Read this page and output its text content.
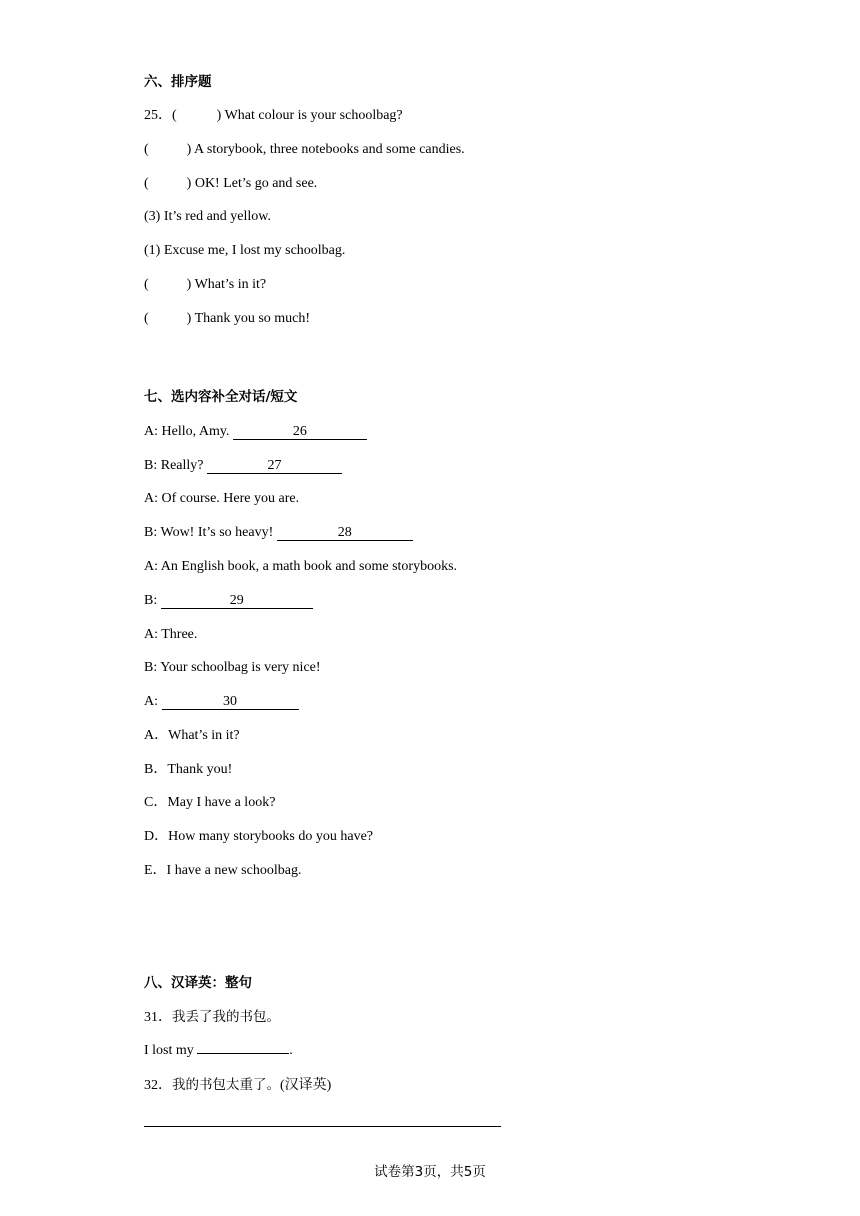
六、排序题
25．(	) What colour is your schoolbag?
(	) A storybook, three notebooks and some candies.
(	) OK! Let’s go and see.
(3) It’s red and yellow.
(1) Excuse me, I lost my schoolbag.
(	) What’s in it?
(	) Thank you so much!
七、选内容补全对话/短文
A: Hello, Amy.	26
B: Really?	27
A: Of course. Here you are.
B: Wow! It’s so heavy!	28
A: An English book, a math book and some storybooks.
B:	29
A: Three.
B: Your schoolbag is very nice!
A:	30
A．What’s in it?
B．Thank you!
C．May I have a look?
D．How many storybooks do you have?
E．I have a new schoolbag.
八、汉译英：整句
31．我丢了我的书包。
I lost my	.
32．我的书包太重了。(汉译英)
试卷第3页，共5页
